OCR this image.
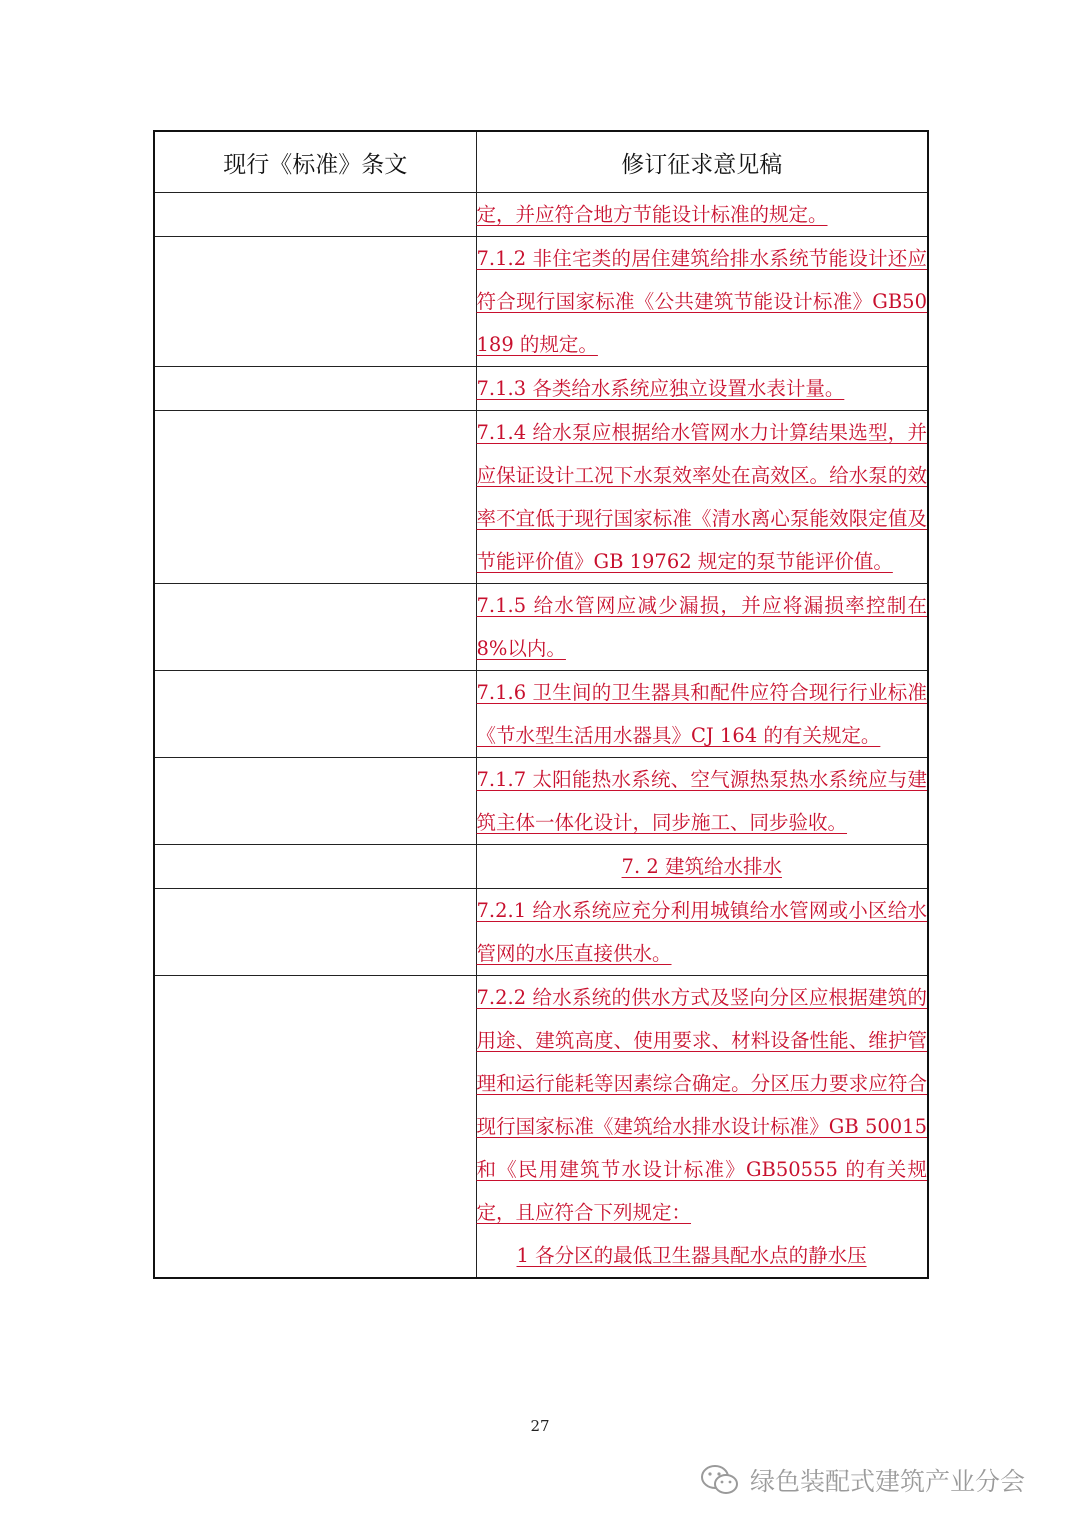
现行《标准》条文	修订征求意见稿

	定，并应符合地方节能设计标准的规定。

	7.1.2 非住宅类的居住建筑给排水系统节能设计还应符合现行国家标准《公共建筑节能设计标准》GB50189 的规定。

	7.1.3 各类给水系统应独立设置水表计量。

	7.1.4 给水泵应根据给水管网水力计算结果选型，并应保证设计工况下水泵效率处在高效区。给水泵的效率不宜低于现行国家标准《清水离心泵能效限定值及节能评价值》GB 19762 规定的泵节能评价值。

	7.1.5 给水管网应减少漏损，并应将漏损率控制在 8%以内。

	7.1.6 卫生间的卫生器具和配件应符合现行行业标准《节水型生活用水器具》CJ 164 的有关规定。

	7.1.7 太阳能热水系统、空气源热泵热水系统应与建筑主体一体化设计，同步施工、同步验收。

	7. 2 建筑给水排水

	7.2.1 给水系统应充分利用城镇给水管网或小区给水管网的水压直接供水。

	7.2.2 给水系统的供水方式及竖向分区应根据建筑的用途、建筑高度、使用要求、材料设备性能、维护管理和运行能耗等因素综合确定。分区压力要求应符合现行国家标准《建筑给水排水设计标准》GB 50015 和《民用建筑节水设计标准》GB50555 的有关规定，且应符合下列规定：

1 各分区的最低卫生器具配水点的静水压

27
绿色装配式建筑产业分会
